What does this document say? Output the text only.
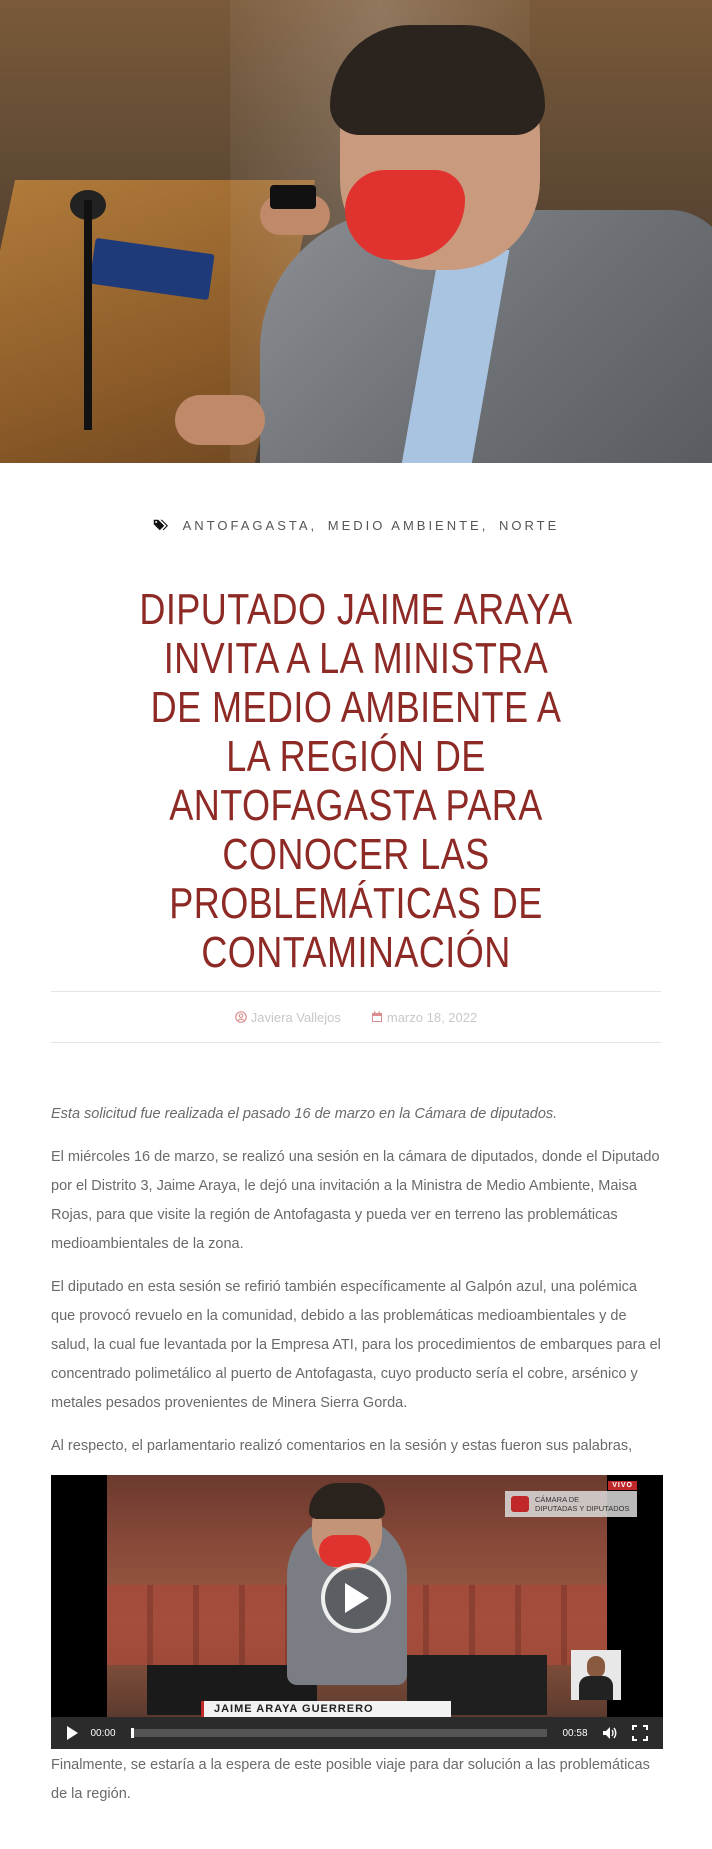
ANTOFAGASTA, MEDIO AMBIENTE, NORTE
DIPUTADO JAIME ARAYA INVITA A LA MINISTRA DE MEDIO AMBIENTE A LA REGIÓN DE ANTOFAGASTA PARA CONOCER LAS PROBLEMÁTICAS DE CONTAMINACIÓN
Javiera Vallejos	marzo 18, 2022

Esta solicitud fue realizada el pasado 16 de marzo en la Cámara de diputados.

El miércoles 16 de marzo, se realizó una sesión en la cámara de diputados, donde el Diputado por el Distrito 3, Jaime Araya, le dejó una invitación a la Ministra de Medio Ambiente, Maisa Rojas, para que visite la región de Antofagasta y pueda ver en terreno las problemáticas medioambientales de la zona.

El diputado en esta sesión se refirió también específicamente al Galpón azul, una polémica que provocó revuelo en la comunidad, debido a las problemáticas medioambientales y de salud, la cual fue levantada por la Empresa ATI, para los procedimientos de embarques para el concentrado polimetálico al puerto de Antofagasta, cuyo producto sería el cobre, arsénico y metales pesados provenientes de Minera Sierra Gorda.

Al respecto, el parlamentario realizó comentarios en la sesión y estas fueron sus palabras,

VIVO
CÁMARA DE
DIPUTADAS Y DIPUTADOS
JAIME ARAYA GUERRERO
00:00	00:58

Finalmente, se estaría a la espera de este posible viaje para dar solución a las problemáticas de la región.
